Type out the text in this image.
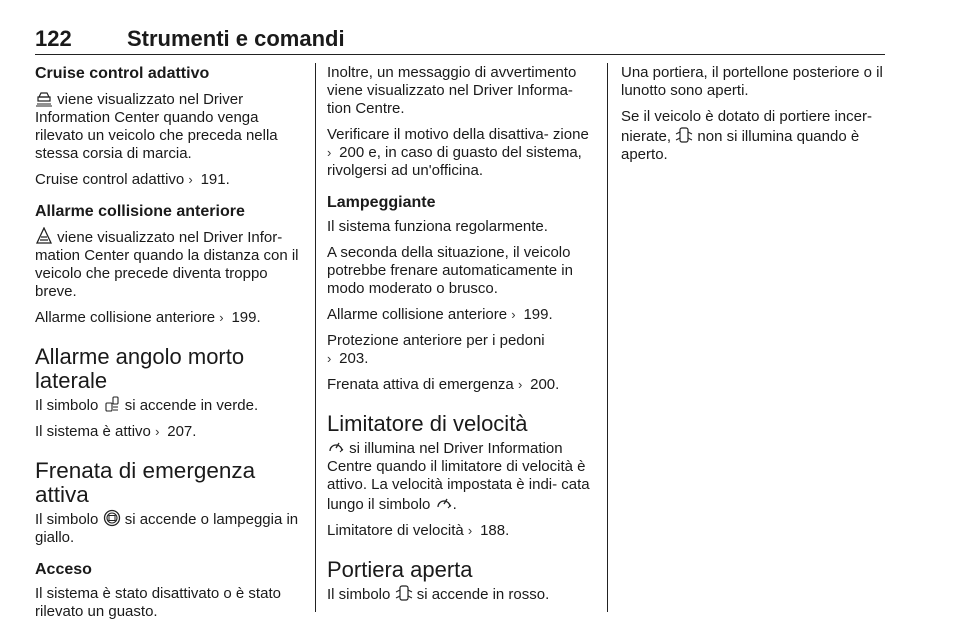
122	Strumenti e comandi
Cruise control adattivo

viene visualizzato nel Driver Information Center quando venga rilevato un veicolo che preceda nella stessa corsia di marcia.

Cruise control adattivo › 191.

Allarme collisione anteriore

viene visualizzato nel Driver Infor- mation Center quando la distanza con il veicolo che precede diventa troppo breve.

Allarme collisione anteriore › 199.

Allarme angolo morto
laterale

Il simbolo si accende in verde.

Il sistema è attivo › 207.

Frenata di emergenza attiva

Il simbolo si accende o lampeggia in giallo.

Acceso

Il sistema è stato disattivato o è stato rilevato un guasto.

Inoltre, un messaggio di avvertimento viene visualizzato nel Driver Informa- tion Centre.

Verificare il motivo della disattiva- zione › 200 e, in caso di guasto del sistema, rivolgersi ad un'officina.

Lampeggiante

Il sistema funziona regolarmente.

A seconda della situazione, il veicolo potrebbe frenare automaticamente in modo moderato o brusco.

Allarme collisione anteriore › 199.

Protezione anteriore per i pedoni
› 203.

Frenata attiva di emergenza › 200.

Limitatore di velocità

si illumina nel Driver Information Centre quando il limitatore di velocità è attivo. La velocità impostata è indi- cata lungo il simbolo .

Limitatore di velocità › 188.

Portiera aperta

Il simbolo si accende in rosso.

Una portiera, il portellone posteriore o il lunotto sono aperti.

Se il veicolo è dotato di portiere incer- nierate, non si illumina quando è aperto.
